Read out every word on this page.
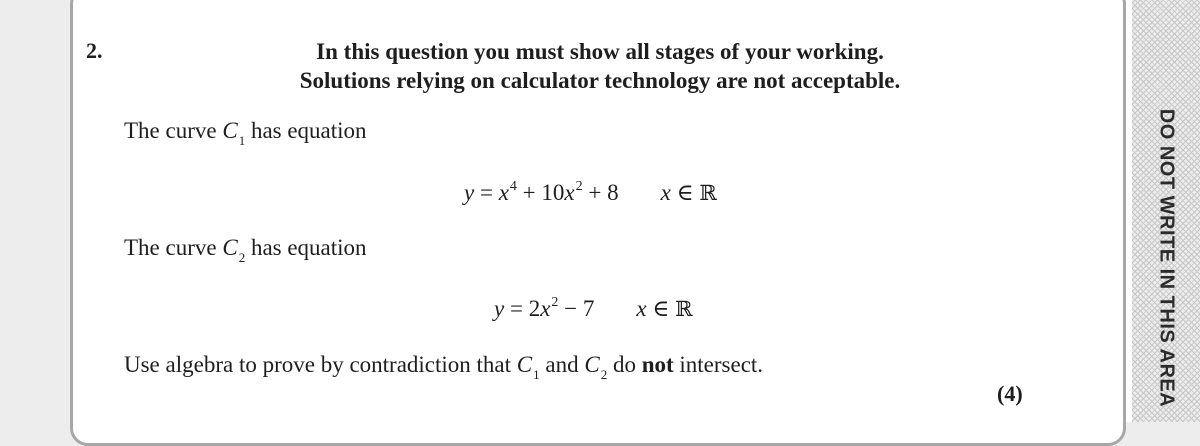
DO NOT WRITE IN THIS AREA
2.	In this question you must show all stages of your working.
Solutions relying on calculator technology are not acceptable.
The curve $C_1$ has equation
$y = x^4 + 10x^2 + 8$ x ∈ ℝ
The curve $C_2$ has equation
$y = 2x^2 - 7$ x ∈ ℝ
Use algebra to prove by contradiction that $C_1$ and $C_2$ do not intersect.
(4)
